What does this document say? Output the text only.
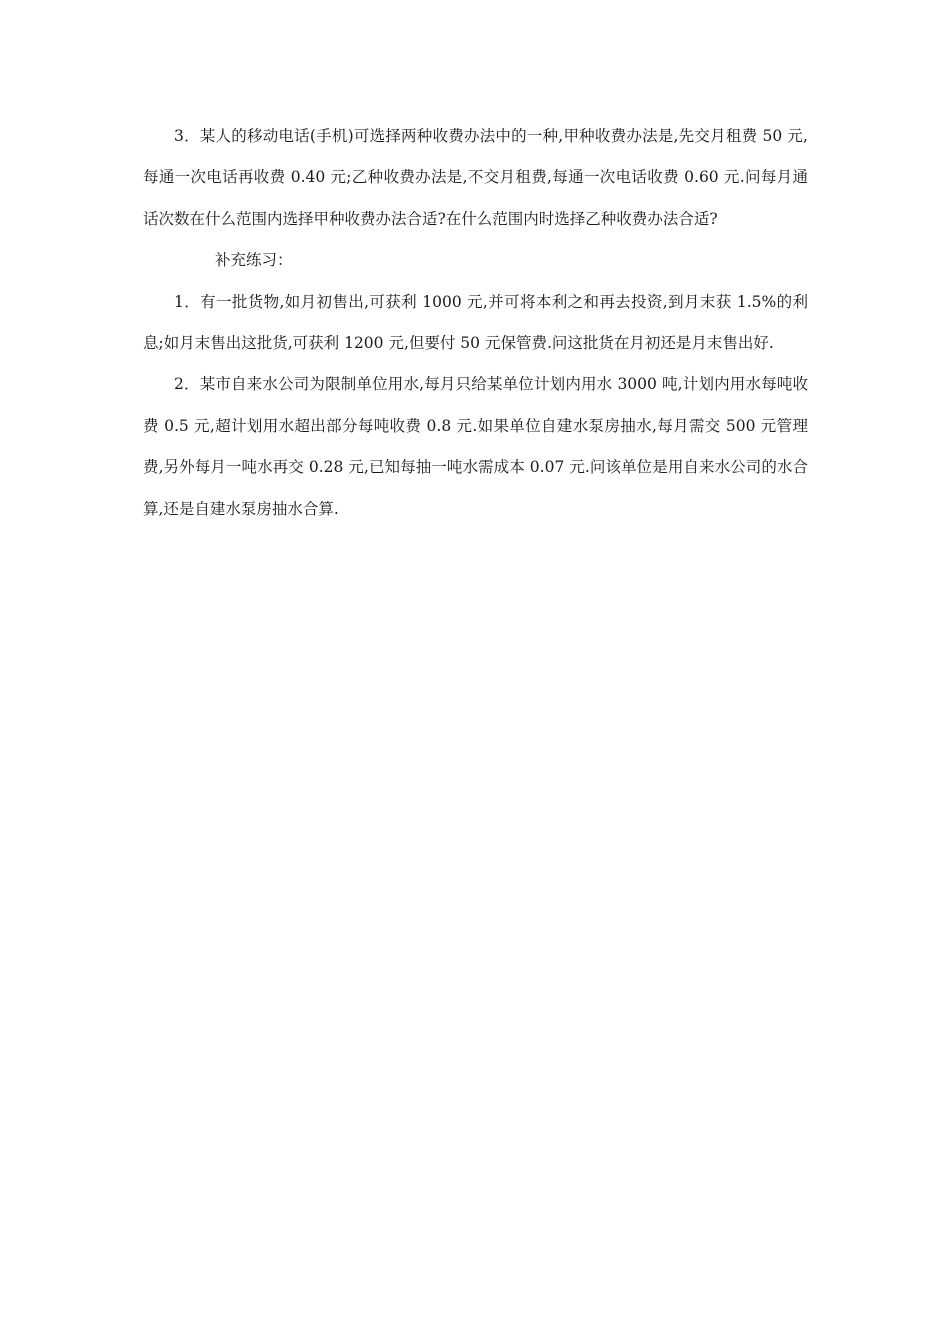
3．某人的移动电话(手机)可选择两种收费办法中的一种,甲种收费办法是,先交月租费 50 元,每通一次电话再收费 0.40 元;乙种收费办法是,不交月租费,每通一次电话收费 0.60 元.问每月通话次数在什么范围内选择甲种收费办法合适?在什么范围内时选择乙种收费办法合适?

补充练习：

1．有一批货物,如月初售出,可获利 1000 元,并可将本利之和再去投资,到月末获 1.5%的利息;如月末售出这批货,可获利 1200 元,但要付 50 元保管费.问这批货在月初还是月末售出好.

2．某市自来水公司为限制单位用水,每月只给某单位计划内用水 3000 吨,计划内用水每吨收费 0.5 元,超计划用水超出部分每吨收费 0.8 元.如果单位自建水泵房抽水,每月需交 500 元管理费,另外每月一吨水再交 0.28 元,已知每抽一吨水需成本 0.07 元.问该单位是用自来水公司的水合算,还是自建水泵房抽水合算.
